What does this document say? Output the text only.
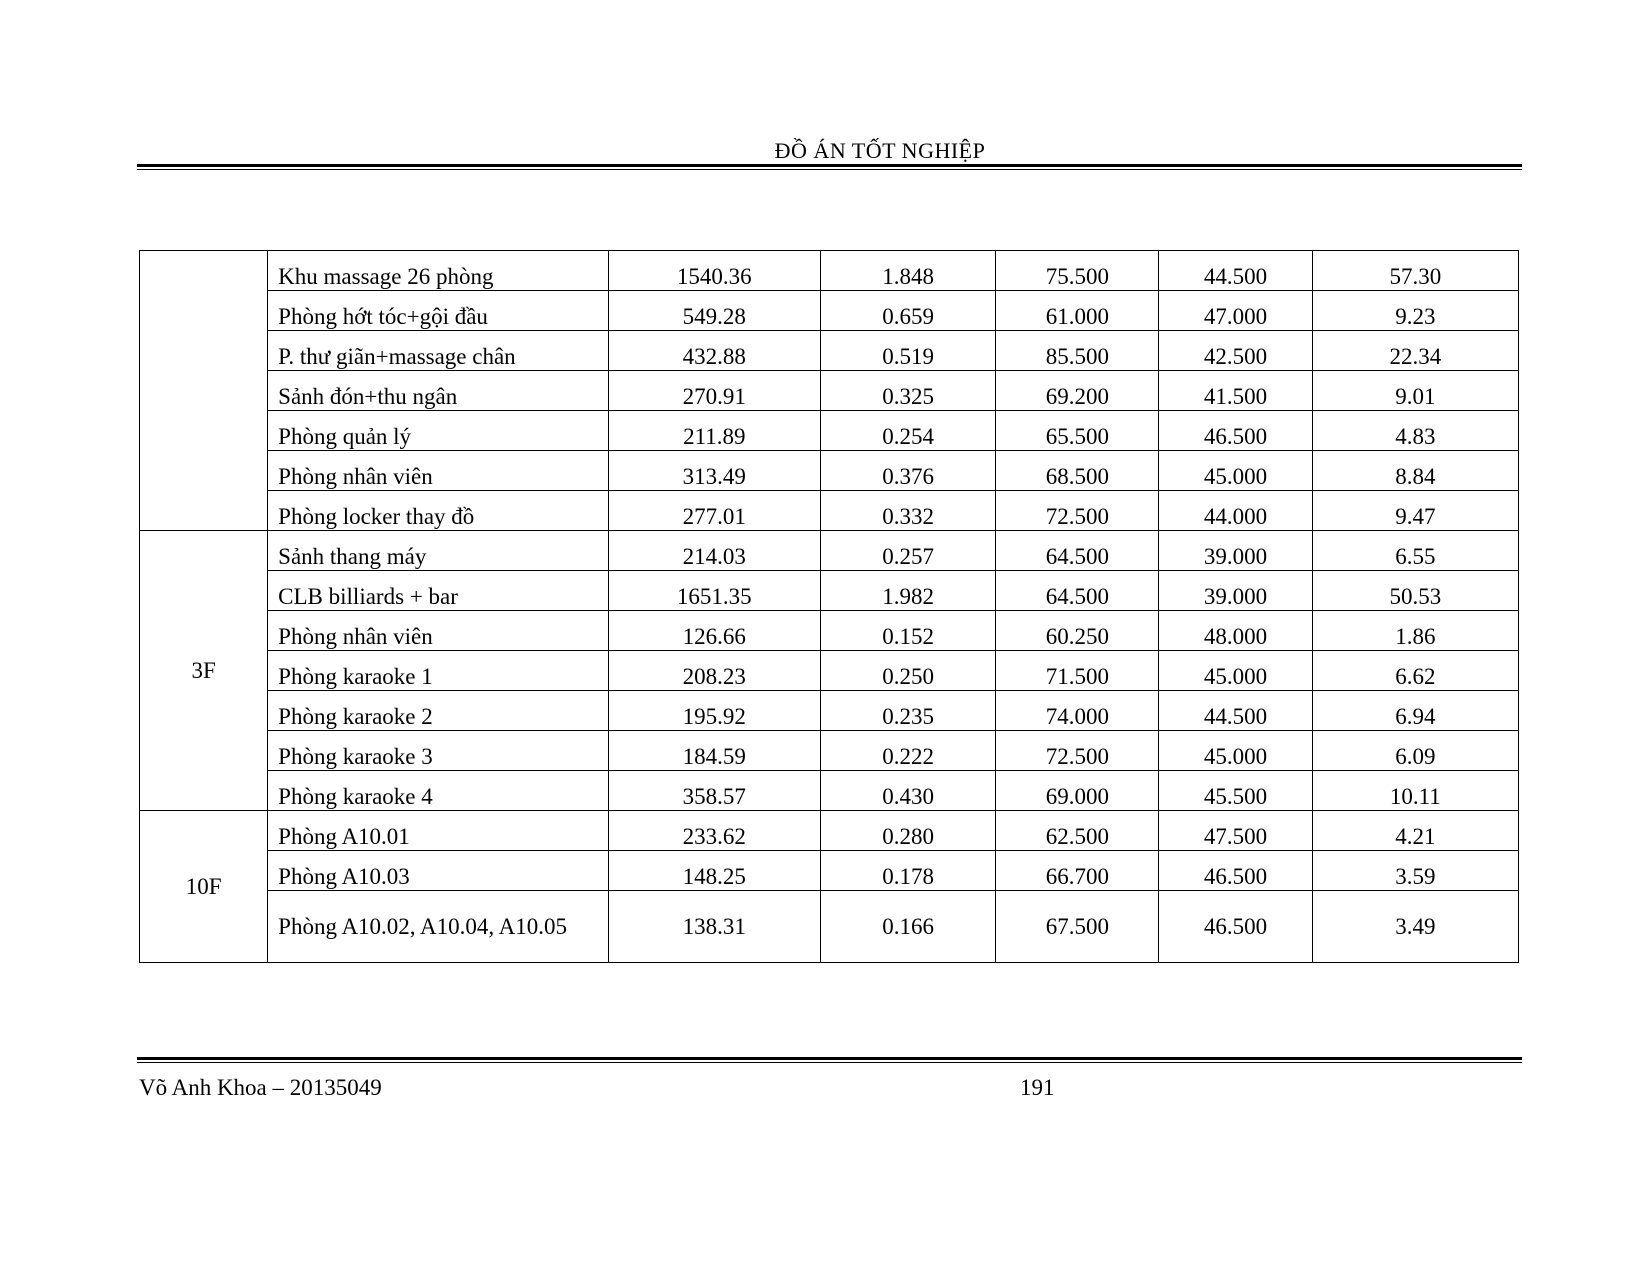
ĐỒ ÁN TỐT NGHIỆP
	Khu massage 26 phòng	1540.36	1.848	75.500	44.500	57.30
	Phòng hớt tóc+gội đầu	549.28	0.659	61.000	47.000	9.23
	P. thư giãn+massage chân	432.88	0.519	85.500	42.500	22.34
	Sảnh đón+thu ngân	270.91	0.325	69.200	41.500	9.01
	Phòng quản lý	211.89	0.254	65.500	46.500	4.83
	Phòng nhân viên	313.49	0.376	68.500	45.000	8.84
	Phòng locker thay đồ	277.01	0.332	72.500	44.000	9.47
3F	Sảnh thang máy	214.03	0.257	64.500	39.000	6.55
	CLB billiards + bar	1651.35	1.982	64.500	39.000	50.53
	Phòng nhân viên	126.66	0.152	60.250	48.000	1.86
	Phòng karaoke 1	208.23	0.250	71.500	45.000	6.62
	Phòng karaoke 2	195.92	0.235	74.000	44.500	6.94
	Phòng karaoke 3	184.59	0.222	72.500	45.000	6.09
	Phòng karaoke 4	358.57	0.430	69.000	45.500	10.11
10F	Phòng A10.01	233.62	0.280	62.500	47.500	4.21
	Phòng A10.03	148.25	0.178	66.700	46.500	3.59
	Phòng A10.02, A10.04, A10.05	138.31	0.166	67.500	46.500	3.49
Võ Anh Khoa – 20135049	191
